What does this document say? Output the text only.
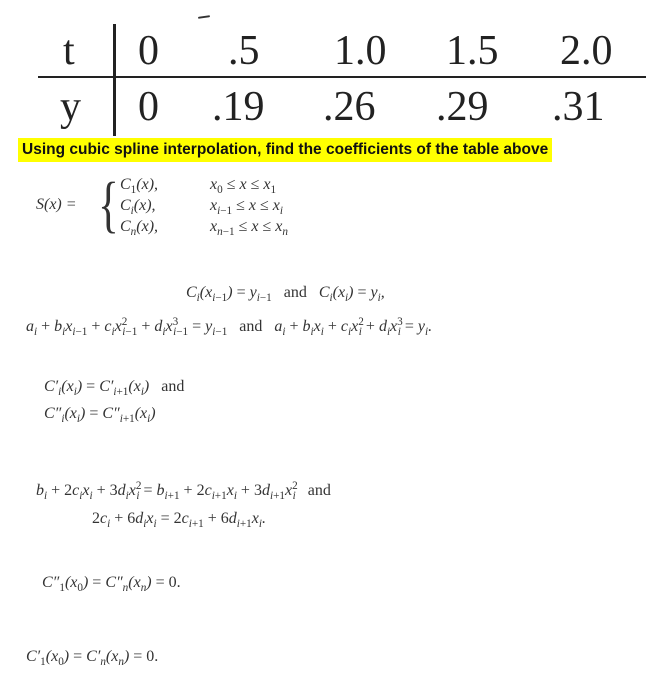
t 0 .5 1.0 1.5 2.0
y 0 .19 .26 .29 .31
Using cubic spline interpolation, find the coefficients of the table above
S(x) = { $C_1(x)$,
$C_i(x)$,
$C_n(x)$,
$x_0 \le x \le x_1$
$x_{i-1} \le x \le x_i$
$x_{n-1} \le x \le x_n$
$C_i(x_{i-1}) = y_{i-1}$ and   $C_i(x_i) = y_i$,
$a_i + b_ix_{i-1} + c_ix^2_{i-1} + d_ix^3_{i-1} = y_{i-1}$ and   $a_i + b_ix_i + c_ix^2_i + d_ix^3_i = y_i$.
$C'_i(x_i) = C'_{i+1}(x_i)$   and
$C''_i(x_i) = C''_{i+1}(x_i)$
$b_i + 2c_ix_i + 3d_ix^2_i = b_{i+1} + 2c_{i+1}x_i + 3d_{i+1}x^2_i$ and
$2c_i + 6d_ix_i = 2c_{i+1} + 6d_{i+1}x_i$.
$C''_1(x_0) = C''_n(x_n) = 0$.
$C'_1(x_0) = C'_n(x_n) = 0$.
